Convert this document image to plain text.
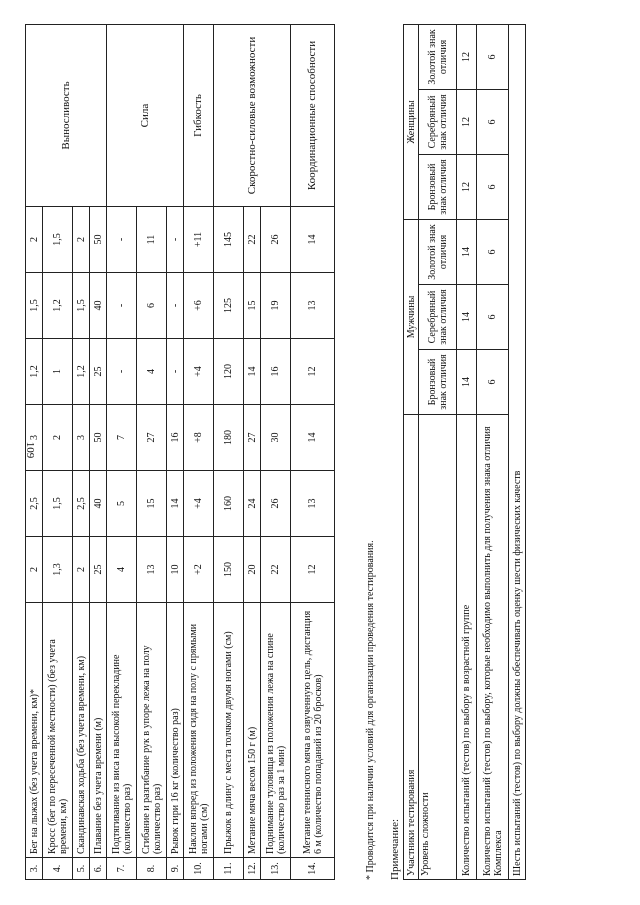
109
3.	Бег на лыжах (без учета времени, км)*	2	2,5	3	1,2	1,5	2	Выносливость
4.	Кросс (бег по пересеченной местности) (без учета времени, км)	1,3	1,5	2	1	1,2	1,5	
5.	Скандинавская ходьба (без учета времени, км)	2	2,5	3	1,2	1,5	2	
6.	Плавание без учета времени (м)	25	40	50	25	40	50	
7.	Подтягивание из виса на высокой перекладине (количество раз)	4	5	7	-	-	-	Сила
8.	Сгибание и разгибание рук в упоре лежа на полу (количество раз)	13	15	27	4	6	11	
9.	Рывок гири 16 кг (количество раз)	10	14	16	-	-	-	
10.	Наклон вперед из положения сидя на полу с прямыми ногами (см)	+2	+4	+8	+4	+6	+11	Гибкость
11.	Прыжок в длину с места толчком двумя ногами (см)	150	160	180	120	125	145	Скоростно-силовые возможности
12.	Метание мяча весом 150 г (м)	20	24	27	14	15	22	
13.	Поднимание туловища из положения лежа на спине (количество раз за 1 мин)	22	26	30	16	19	26	
14.	Метание теннисного мяча в озвученную цель, дистанция 6 м (количество попаданий из 20 бросков)	12	13	14	12	13	14	Координационные способности
* Проводится при наличии условий для организации проведения тестирования. Примечание: Участники тестирования	Мужчины			Женщины		
Уровень сложности	Бронзовый знак отличия	Серебряный знак отличия	Золотой знак отличия	Бронзовый знак отличия	Серебряный знак отличия	Золотой знак отличия
Количество испытаний (тестов) по выбору в возрастной группе	14	14	14	12	12	12
Количество испытаний (тестов) по выбору, которые необходимо выполнить для получения знака отличия Комплекса	6	6	6	6	6	6
Шесть испытаний (тестов) по выбору должны обеспечивать оценку шести физических качеств						
